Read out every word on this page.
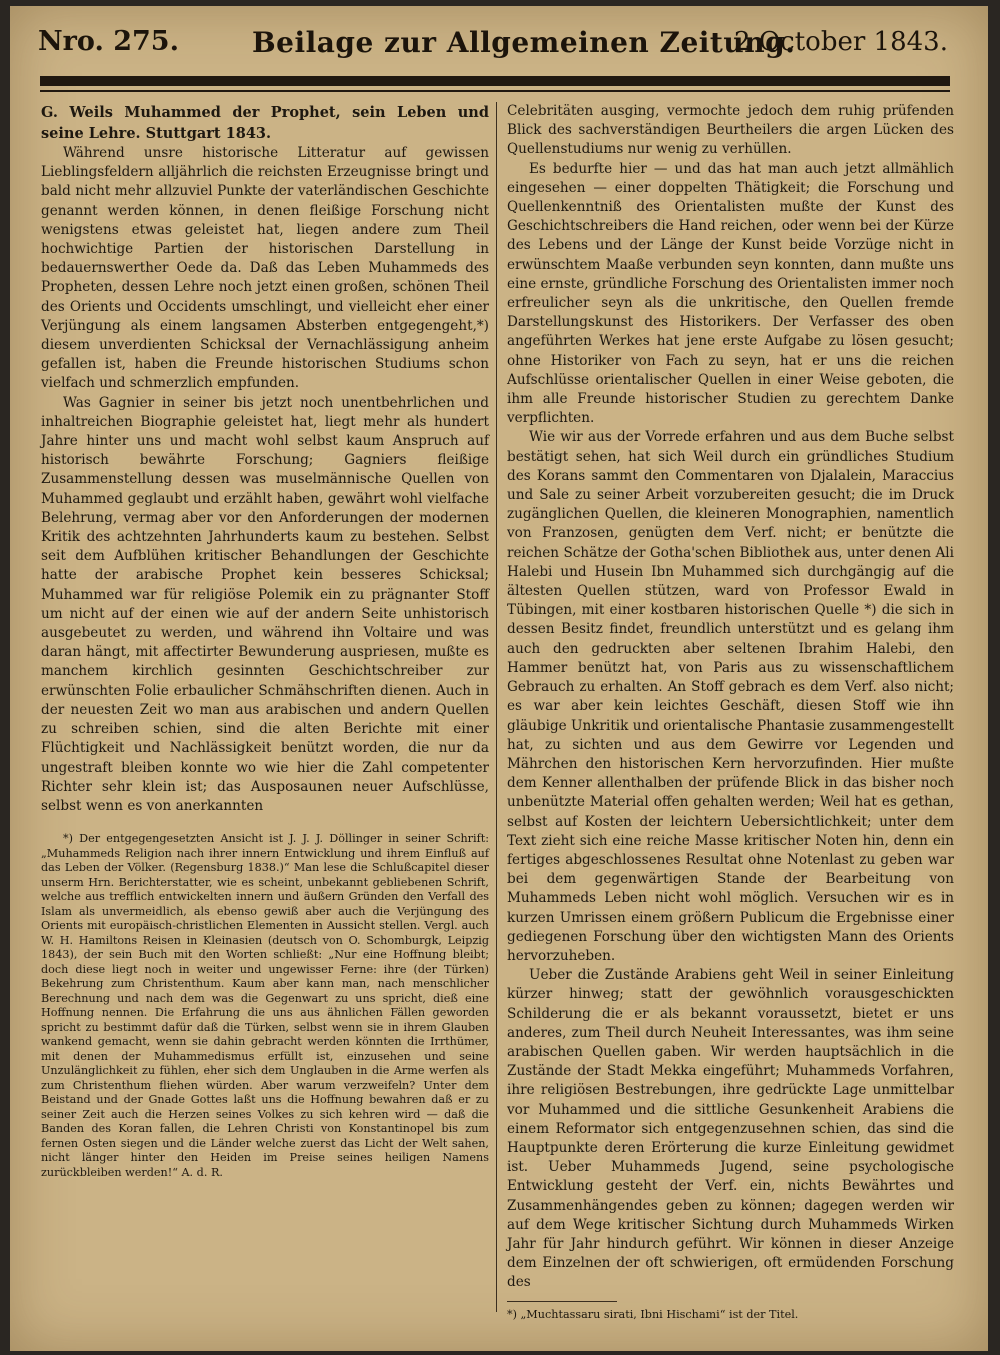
Nro. 275.	Beilage zur Allgemeinen Zeitung.
2 October 1843.

G. Weils Muhammed der Prophet, sein Leben und seine Lehre. Stuttgart 1843.

Während unsre historische Litteratur auf gewissen Lieblingsfeldern alljährlich die reichsten Erzeugnisse bringt und bald nicht mehr allzuviel Punkte der vaterländischen Geschichte genannt werden können, in denen fleißige Forschung nicht wenigstens etwas geleistet hat, liegen andere zum Theil hochwichtige Partien der historischen Darstellung in bedauernswerther Oede da. Daß das Leben Muhammeds des Propheten, dessen Lehre noch jetzt einen großen, schönen Theil des Orients und Occidents umschlingt, und vielleicht eher einer Verjüngung als einem langsamen Absterben entgegengeht,*) diesem unverdienten Schicksal der Vernachlässigung anheim gefallen ist, haben die Freunde historischen Studiums schon vielfach und schmerzlich empfunden.

Was Gagnier in seiner bis jetzt noch unentbehrlichen und inhaltreichen Biographie geleistet hat, liegt mehr als hundert Jahre hinter uns und macht wohl selbst kaum Anspruch auf historisch bewährte Forschung; Gagniers fleißige Zusammenstellung dessen was muselmännische Quellen von Muhammed geglaubt und erzählt haben, gewährt wohl vielfache Belehrung, vermag aber vor den Anforderungen der modernen Kritik des achtzehnten Jahrhunderts kaum zu bestehen. Selbst seit dem Aufblühen kritischer Behandlungen der Geschichte hatte der arabische Prophet kein besseres Schicksal; Muhammed war für religiöse Polemik ein zu prägnanter Stoff um nicht auf der einen wie auf der andern Seite unhistorisch ausgebeutet zu werden, und während ihn Voltaire und was daran hängt, mit affectirter Bewunderung auspriesen, mußte es manchem kirchlich gesinnten Geschichtschreiber zur erwünschten Folie erbaulicher Schmähschriften dienen. Auch in der neuesten Zeit wo man aus arabischen und andern Quellen zu schreiben schien, sind die alten Berichte mit einer Flüchtigkeit und Nachlässigkeit benützt worden, die nur da ungestraft bleiben konnte wo wie hier die Zahl competenter Richter sehr klein ist; das Ausposaunen neuer Aufschlüsse, selbst wenn es von anerkannten

*) Der entgegengesetzten Ansicht ist J. J. J. Döllinger in seiner Schrift: „Muhammeds Religion nach ihrer innern Entwicklung und ihrem Einfluß auf das Leben der Völker. (Regensburg 1838.)“ Man lese die Schlußcapitel dieser unserm Hrn. Berichterstatter, wie es scheint, unbekannt gebliebenen Schrift, welche aus trefflich entwickelten innern und äußern Gründen den Verfall des Islam als unvermeidlich, als ebenso gewiß aber auch die Verjüngung des Orients mit europäisch-christlichen Elementen in Aussicht stellen. Vergl. auch W. H. Hamiltons Reisen in Kleinasien (deutsch von O. Schomburgk, Leipzig 1843), der sein Buch mit den Worten schließt: „Nur eine Hoffnung bleibt; doch diese liegt noch in weiter und ungewisser Ferne: ihre (der Türken) Bekehrung zum Christenthum. Kaum aber kann man, nach menschlicher Berechnung und nach dem was die Gegenwart zu uns spricht, dieß eine Hoffnung nennen. Die Erfahrung die uns aus ähnlichen Fällen geworden spricht zu bestimmt dafür daß die Türken, selbst wenn sie in ihrem Glauben wankend gemacht, wenn sie dahin gebracht werden könnten die Irrthümer, mit denen der Muhammedismus erfüllt ist, einzusehen und seine Unzulänglichkeit zu fühlen, eher sich dem Unglauben in die Arme werfen als zum Christenthum fliehen würden. Aber warum verzweifeln? Unter dem Beistand und der Gnade Gottes laßt uns die Hoffnung bewahren daß er zu seiner Zeit auch die Herzen seines Volkes zu sich kehren wird — daß die Banden des Koran fallen, die Lehren Christi von Konstantinopel bis zum fernen Osten siegen und die Länder welche zuerst das Licht der Welt sahen, nicht länger hinter den Heiden im Preise seines heiligen Namens zurückbleiben werden!“ A. d. R.

Celebritäten ausging, vermochte jedoch dem ruhig prüfenden Blick des sachverständigen Beurtheilers die argen Lücken des Quellenstudiums nur wenig zu verhüllen.

Es bedurfte hier — und das hat man auch jetzt allmählich eingesehen — einer doppelten Thätigkeit; die Forschung und Quellenkenntniß des Orientalisten mußte der Kunst des Geschichtschreibers die Hand reichen, oder wenn bei der Kürze des Lebens und der Länge der Kunst beide Vorzüge nicht in erwünschtem Maaße verbunden seyn konnten, dann mußte uns eine ernste, gründliche Forschung des Orientalisten immer noch erfreulicher seyn als die unkritische, den Quellen fremde Darstellungskunst des Historikers. Der Verfasser des oben angeführten Werkes hat jene erste Aufgabe zu lösen gesucht; ohne Historiker von Fach zu seyn, hat er uns die reichen Aufschlüsse orientalischer Quellen in einer Weise geboten, die ihm alle Freunde historischer Studien zu gerechtem Danke verpflichten.

Wie wir aus der Vorrede erfahren und aus dem Buche selbst bestätigt sehen, hat sich Weil durch ein gründliches Studium des Korans sammt den Commentaren von Djalalein, Maraccius und Sale zu seiner Arbeit vorzubereiten gesucht; die im Druck zugänglichen Quellen, die kleineren Monographien, namentlich von Franzosen, genügten dem Verf. nicht; er benützte die reichen Schätze der Gotha'schen Bibliothek aus, unter denen Ali Halebi und Husein Ibn Muhammed sich durchgängig auf die ältesten Quellen stützen, ward von Professor Ewald in Tübingen, mit einer kostbaren historischen Quelle *) die sich in dessen Besitz findet, freundlich unterstützt und es gelang ihm auch den gedruckten aber seltenen Ibrahim Halebi, den Hammer benützt hat, von Paris aus zu wissenschaftlichem Gebrauch zu erhalten. An Stoff gebrach es dem Verf. also nicht; es war aber kein leichtes Geschäft, diesen Stoff wie ihn gläubige Unkritik und orientalische Phantasie zusammengestellt hat, zu sichten und aus dem Gewirre vor Legenden und Mährchen den historischen Kern hervorzufinden. Hier mußte dem Kenner allenthalben der prüfende Blick in das bisher noch unbenützte Material offen gehalten werden; Weil hat es gethan, selbst auf Kosten der leichtern Uebersichtlichkeit; unter dem Text zieht sich eine reiche Masse kritischer Noten hin, denn ein fertiges abgeschlossenes Resultat ohne Notenlast zu geben war bei dem gegenwärtigen Stande der Bearbeitung von Muhammeds Leben nicht wohl möglich. Versuchen wir es in kurzen Umrissen einem größern Publicum die Ergebnisse einer gediegenen Forschung über den wichtigsten Mann des Orients hervorzuheben.

Ueber die Zustände Arabiens geht Weil in seiner Einleitung kürzer hinweg; statt der gewöhnlich vorausgeschickten Schilderung die er als bekannt voraussetzt, bietet er uns anderes, zum Theil durch Neuheit Interessantes, was ihm seine arabischen Quellen gaben. Wir werden hauptsächlich in die Zustände der Stadt Mekka eingeführt; Muhammeds Vorfahren, ihre religiösen Bestrebungen, ihre gedrückte Lage unmittelbar vor Muhammed und die sittliche Gesunkenheit Arabiens die einem Reformator sich entgegenzusehnen schien, das sind die Hauptpunkte deren Erörterung die kurze Einleitung gewidmet ist. Ueber Muhammeds Jugend, seine psychologische Entwicklung gesteht der Verf. ein, nichts Bewährtes und Zusammenhängendes geben zu können; dagegen werden wir auf dem Wege kritischer Sichtung durch Muhammeds Wirken Jahr für Jahr hindurch geführt. Wir können in dieser Anzeige dem Einzelnen der oft schwierigen, oft ermüdenden Forschung des

*) „Muchtassaru sirati, Ibni Hischami“ ist der Titel.
